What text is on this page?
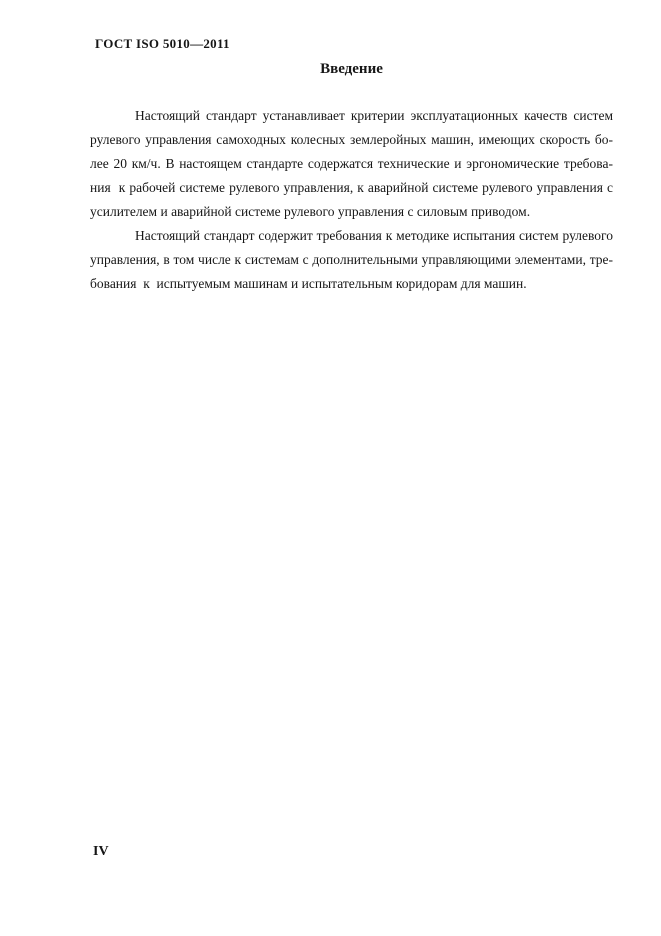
ГОСТ ISO 5010—2011
Введение
Настоящий стандарт устанавливает критерии эксплуатационных качеств систем
рулевого управления самоходных колесных землеройных машин, имеющих скорость бо-
лее 20 км/ч. В настоящем стандарте содержатся технические и эргономические требова-
ния  к рабочей системе рулевого управления, к аварийной системе рулевого управления с
усилителем и аварийной системе рулевого управления с силовым приводом.
Настоящий стандарт содержит требования к методике испытания систем рулевого
управления, в том числе к системам с дополнительными управляющими элементами, тре-
бования  к  испытуемым машинам и испытательным коридорам для машин.
IV
